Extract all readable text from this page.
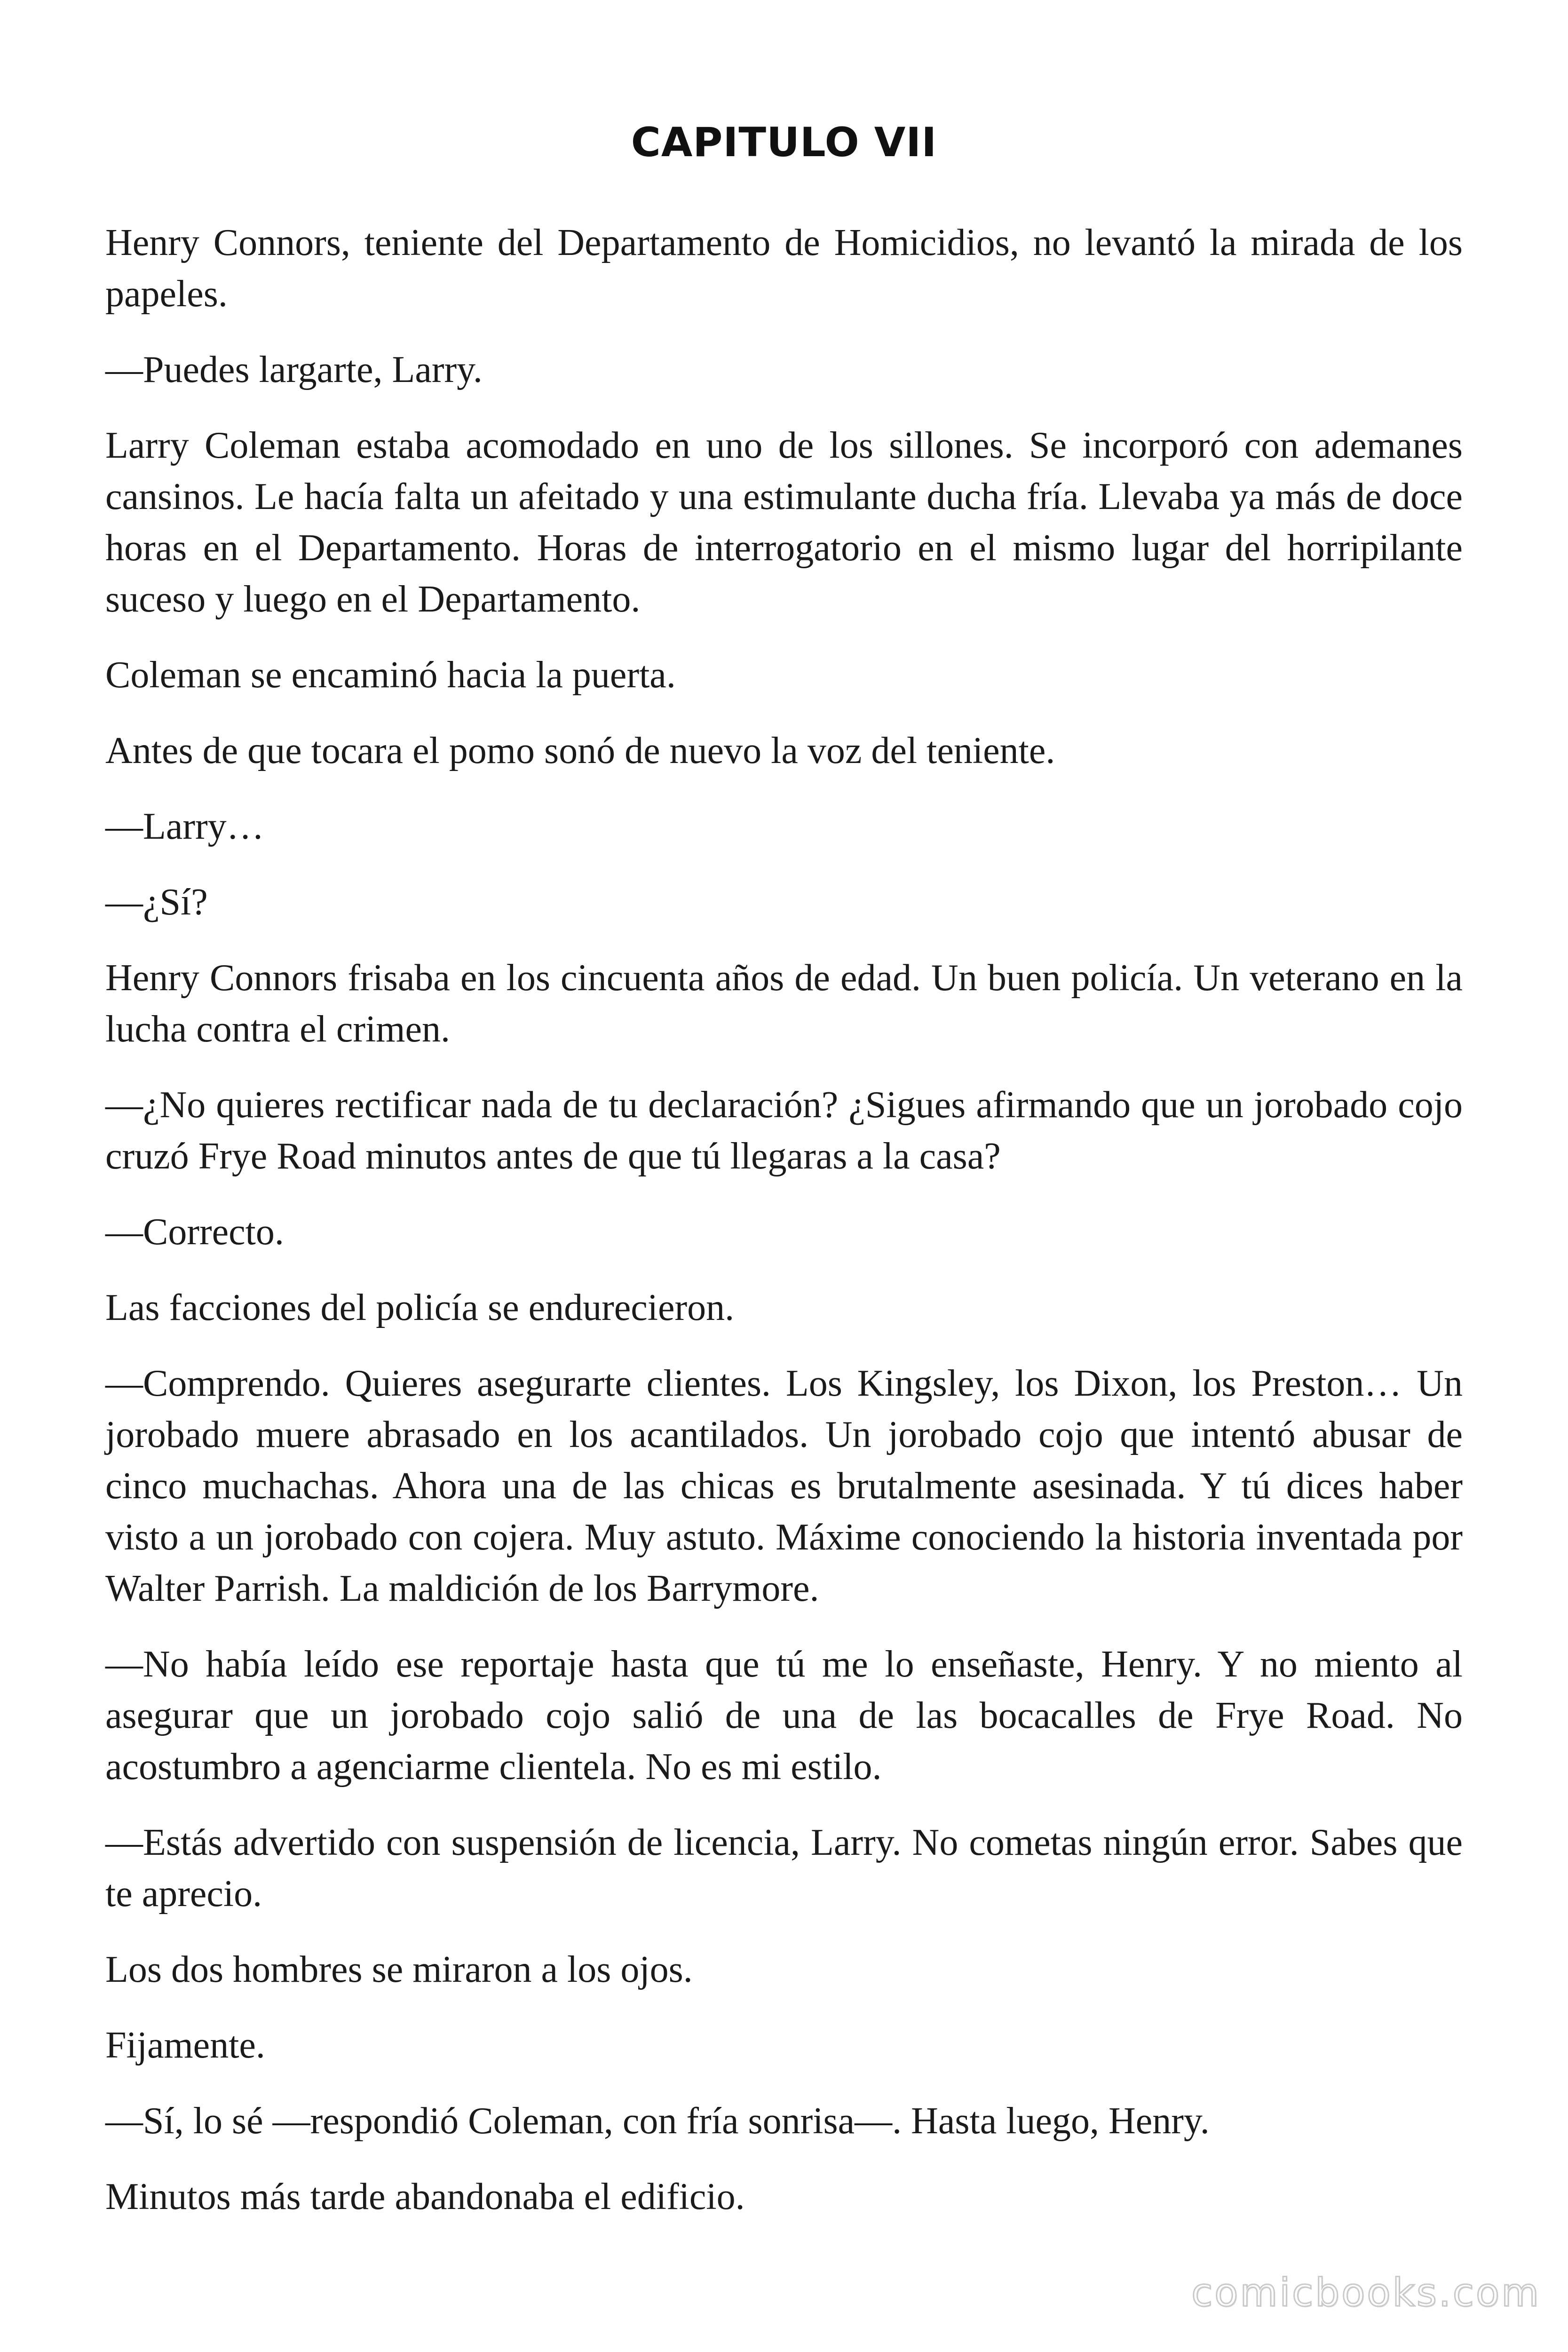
CAPITULO VII

Henry Connors, teniente del Departamento de Homicidios, no levantó la mirada de los papeles.

—Puedes largarte, Larry.

Larry Coleman estaba acomodado en uno de los sillones. Se incorporó con ademanes cansinos. Le hacía falta un afeitado y una estimulante ducha fría. Llevaba ya más de doce horas en el Departamento. Horas de interrogatorio en el mismo lugar del horripilante suceso y luego en el Departamento.

Coleman se encaminó hacia la puerta.

Antes de que tocara el pomo sonó de nuevo la voz del teniente.

—Larry…

—¿Sí?

Henry Connors frisaba en los cincuenta años de edad. Un buen policía. Un veterano en la lucha contra el crimen.

—¿No quieres rectificar nada de tu declaración? ¿Sigues afirmando que un jorobado cojo cruzó Frye Road minutos antes de que tú llegaras a la casa?

—Correcto.

Las facciones del policía se endurecieron.

—Comprendo. Quieres asegurarte clientes. Los Kingsley, los Dixon, los Preston… Un jorobado muere abrasado en los acantilados. Un jorobado cojo que intentó abusar de cinco muchachas. Ahora una de las chicas es brutalmente asesinada. Y tú dices haber visto a un jorobado con cojera. Muy astuto. Máxime conociendo la historia inventada por Walter Parrish. La maldición de los Barrymore.

—No había leído ese reportaje hasta que tú me lo enseñaste, Henry. Y no miento al asegurar que un jorobado cojo salió de una de las bocacalles de Frye Road. No acostumbro a agenciarme clientela. No es mi estilo.

—Estás advertido con suspensión de licencia, Larry. No cometas ningún error. Sabes que te aprecio.

Los dos hombres se miraron a los ojos.

Fijamente.

—Sí, lo sé —respondió Coleman, con fría sonrisa—. Hasta luego, Henry.

Minutos más tarde abandonaba el edificio.

comicbooks.com
